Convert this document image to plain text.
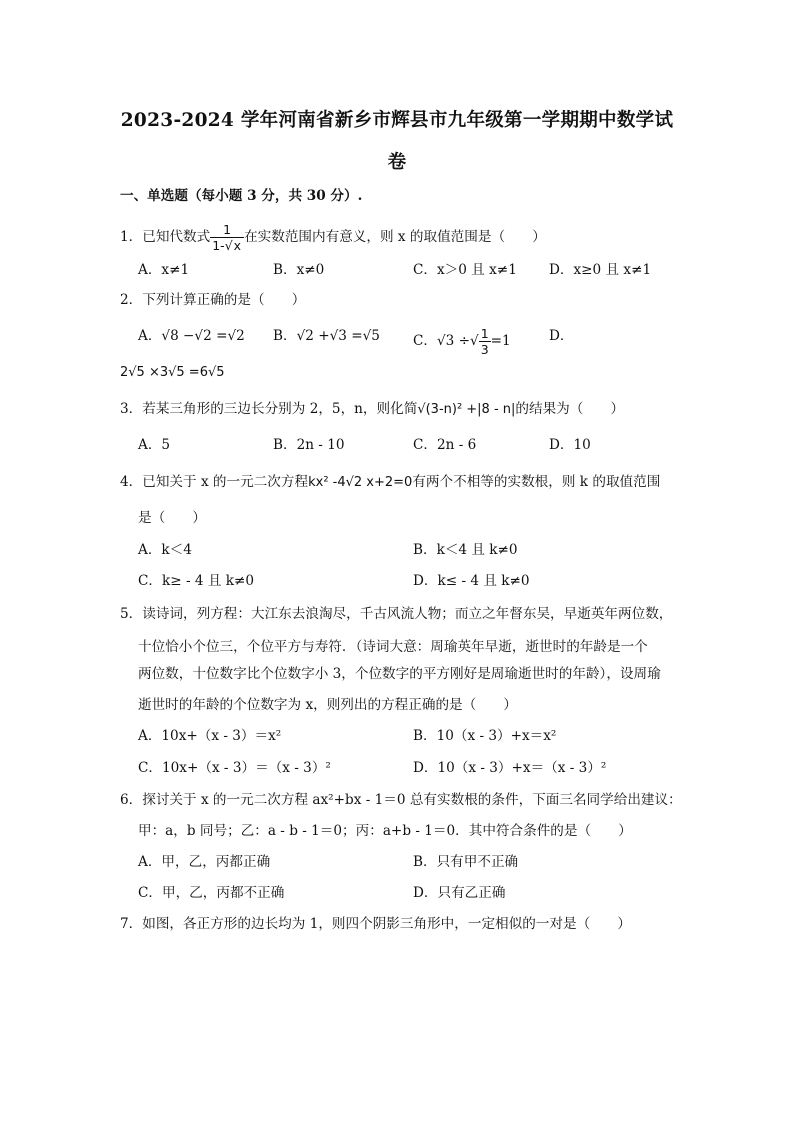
2023-2024 学年河南省新乡市辉县市九年级第一学期期中数学试
卷
一、单选题（每小题 3 分，共 30 分）.
1．已知代数式 $\frac{1}{1-√x}$ 在实数范围内有意义，则 x 的取值范围是（　　）
A．x≠1	B．x≠0	C．x＞0 且 x≠1 D．x≥0 且 x≠1
2．下列计算正确的是（　　）
A．√8 −√2 =√2 B．√2 +√3 =√5 C．√3 ÷√ $\frac{1}{3} =1$	D．
2√5 ×3√5 =6√5
3．若某三角形的三边长分别为 2，5，n，则化简√(3-n)² +|8 - n|的结果为（　　）
A．5	B．2n - 10	C．2n - 6	D．10
4．已知关于 x 的一元二次方程kx² -4√2 x+2=0有两个不相等的实数根，则 k 的取值范围
是（　　）
A．k＜4	B．k＜4 且 k≠0
C．k≥ - 4 且 k≠0	D．k≤ - 4 且 k≠0
5．读诗词，列方程：大江东去浪淘尽，千古风流人物；而立之年督东吴，早逝英年两位数，
十位恰小个位三，个位平方与寿符．（诗词大意：周瑜英年早逝，逝世时的年龄是一个
两位数，十位数字比个位数字小 3，个位数字的平方刚好是周瑜逝世时的年龄），设周瑜
逝世时的年龄的个位数字为 x，则列出的方程正确的是（　　）
A．10x+（x - 3）＝x²	B．10（x - 3）+x＝x²
C．10x+（x - 3）＝（x - 3）²	D．10（x - 3）+x＝（x - 3）²
6．探讨关于 x 的一元二次方程 ax²+bx - 1＝0 总有实数根的条件，下面三名同学给出建议：
甲：a，b 同号；乙：a - b - 1＝0；丙：a+b - 1＝0．其中符合条件的是（　　）
A．甲，乙，丙都正确	B．只有甲不正确
C．甲，乙，丙都不正确	D．只有乙正确
7．如图，各正方形的边长均为 1，则四个阴影三角形中，一定相似的一对是（　　）
